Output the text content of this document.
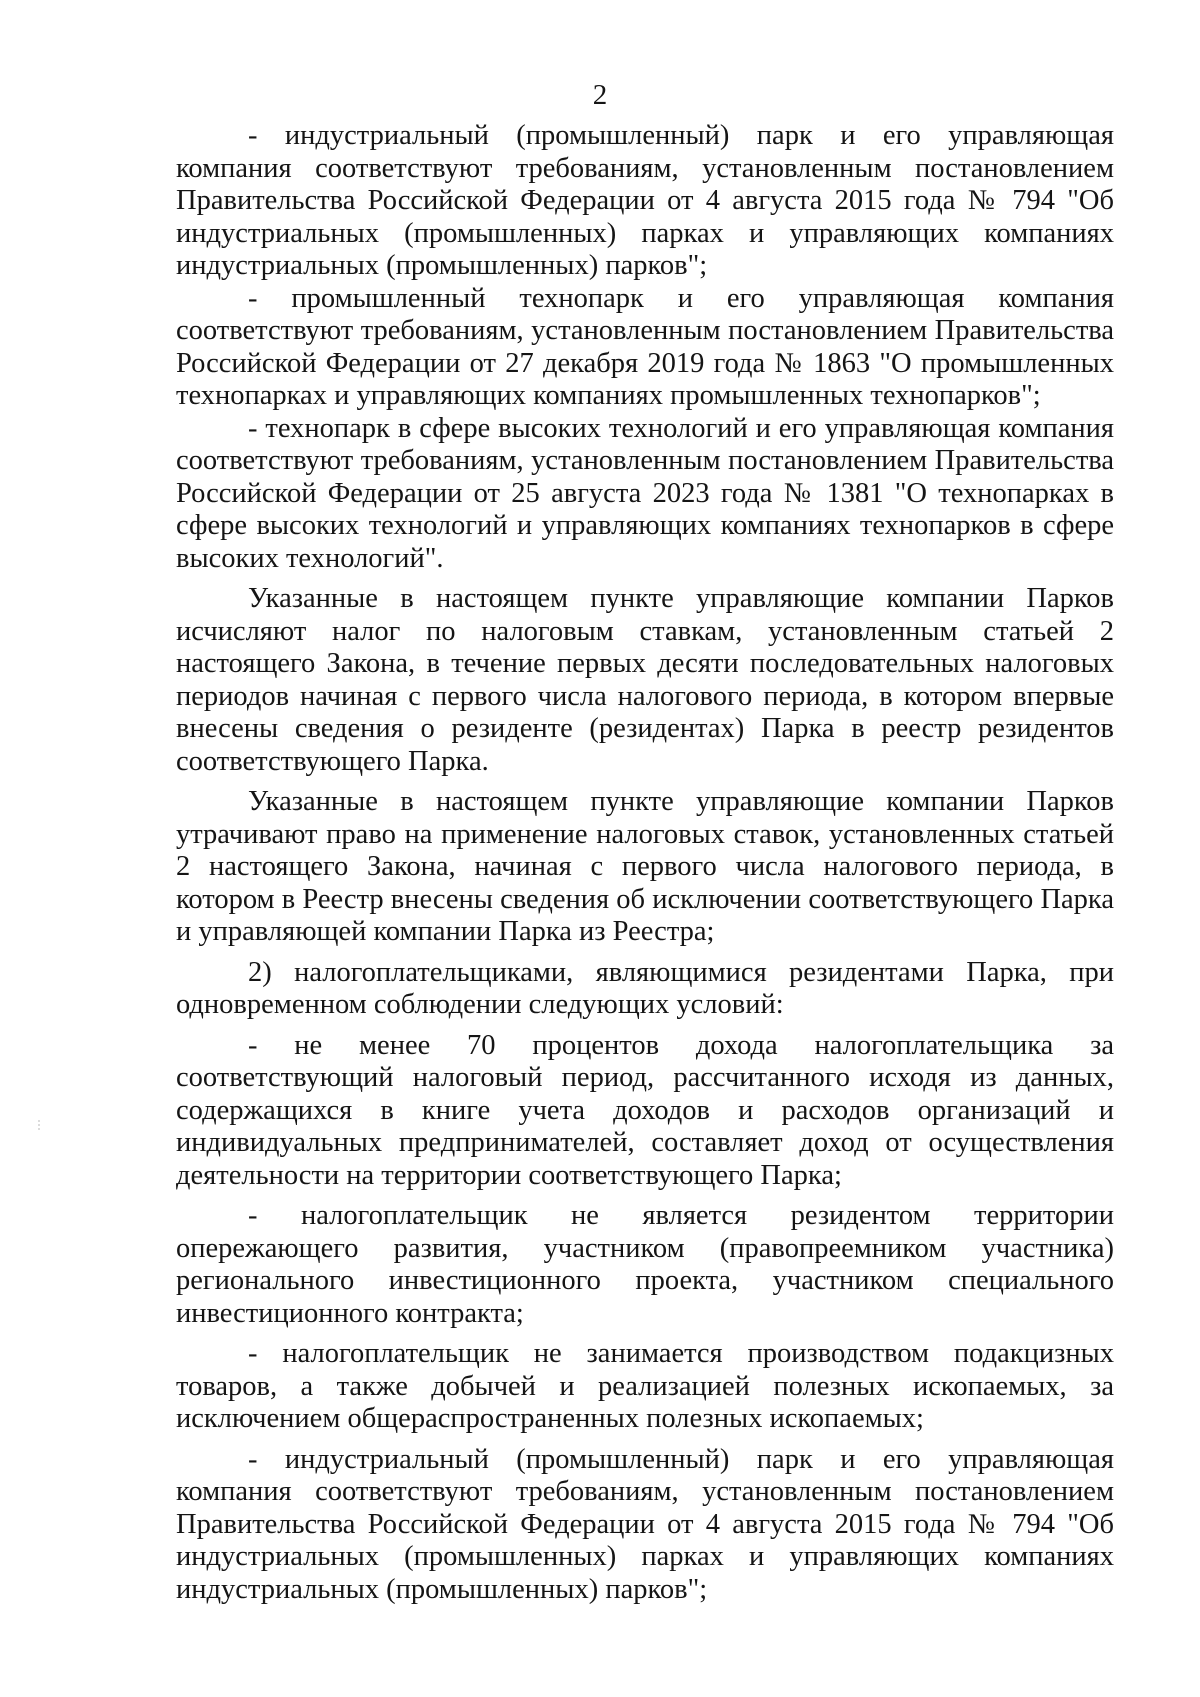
2

- индустриальный (промышленный) парк и его управляющая компания соответствуют требованиям, установленным постановлением Правительства Российской Федерации от 4 августа 2015 года № 794 "Об индустриальных (промышленных) парках и управляющих компаниях индустриальных (промышленных) парков";

- промышленный технопарк и его управляющая компания соответствуют требованиям, установленным постановлением Правительства Российской Федерации от 27 декабря 2019 года № 1863 "О промышленных технопарках и управляющих компаниях промышленных технопарков";

- технопарк в сфере высоких технологий и его управляющая компания соответствуют требованиям, установленным постановлением Правительства Российской Федерации от 25 августа 2023 года № 1381 "О технопарках в сфере высоких технологий и управляющих компаниях технопарков в сфере высоких технологий".

Указанные в настоящем пункте управляющие компании Парков исчисляют налог по налоговым ставкам, установленным статьей 2 настоящего Закона, в течение первых десяти последовательных налоговых периодов начиная с первого числа налогового периода, в котором впервые внесены сведения о резиденте (резидентах) Парка в реестр резидентов соответствующего Парка.

Указанные в настоящем пункте управляющие компании Парков утрачивают право на применение налоговых ставок, установленных статьей 2 настоящего Закона, начиная с первого числа налогового периода, в котором в Реестр внесены сведения об исключении соответствующего Парка и управляющей компании Парка из Реестра;

2) налогоплательщиками, являющимися резидентами Парка, при одновременном соблюдении следующих условий:

- не менее 70 процентов дохода налогоплательщика за соответствующий налоговый период, рассчитанного исходя из данных, содержащихся в книге учета доходов и расходов организаций и индивидуальных предпринимателей, составляет доход от осуществления деятельности на территории соответствующего Парка;

- налогоплательщик не является резидентом территории опережающего развития, участником (правопреемником участника) регионального инвестиционного проекта, участником специального инвестиционного контракта;

- налогоплательщик не занимается производством подакцизных товаров, а также добычей и реализацией полезных ископаемых, за исключением общераспространенных полезных ископаемых;

- индустриальный (промышленный) парк и его управляющая компания соответствуют требованиям, установленным постановлением Правительства Российской Федерации от 4 августа 2015 года № 794 "Об индустриальных (промышленных) парках и управляющих компаниях индустриальных (промышленных) парков";
